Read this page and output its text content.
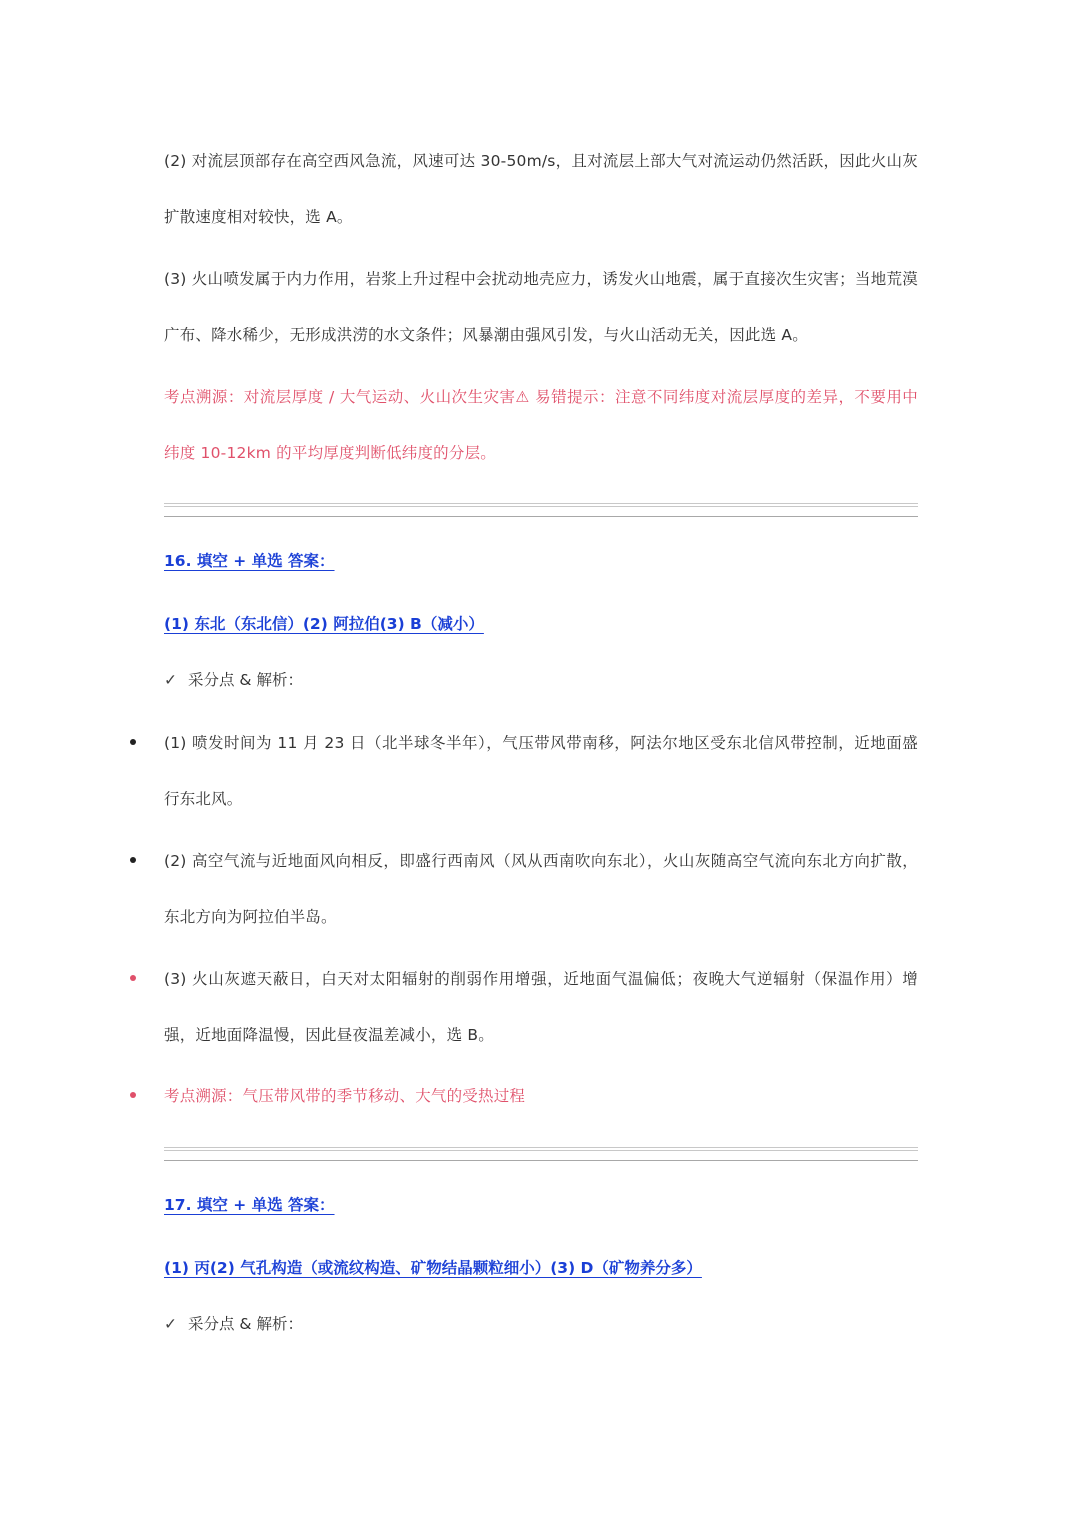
(2) 对流层顶部存在高空西风急流，风速可达 30-50m/s，且对流层上部大气对流运动仍然活跃，因此火山灰扩散速度相对较快，选 A。

(3) 火山喷发属于内力作用，岩浆上升过程中会扰动地壳应力，诱发火山地震，属于直接次生灾害；当地荒漠广布、降水稀少，无形成洪涝的水文条件；风暴潮由强风引发，与火山活动无关，因此选 A。

考点溯源：对流层厚度 / 大气运动、火山次生灾害⚠ 易错提示：注意不同纬度对流层厚度的差异，不要用中纬度 10-12km 的平均厚度判断低纬度的分层。

16. 填空 + 单选 答案：
(1) 东北（东北信）(2) 阿拉伯(3) B（减小）
✓ 采分点 & 解析：

(1) 喷发时间为 11 月 23 日（北半球冬半年），气压带风带南移，阿法尔地区受东北信风带控制，近地面盛行东北风。

(2) 高空气流与近地面风向相反，即盛行西南风（风从西南吹向东北），火山灰随高空气流向东北方向扩散，东北方向为阿拉伯半岛。

(3) 火山灰遮天蔽日，白天对太阳辐射的削弱作用增强，近地面气温偏低；夜晚大气逆辐射（保温作用）增强，近地面降温慢，因此昼夜温差减小，选 B。

考点溯源：气压带风带的季节移动、大气的受热过程

17. 填空 + 单选 答案：
(1) 丙(2) 气孔构造（或流纹构造、矿物结晶颗粒细小）(3) D（矿物养分多）
✓ 采分点 & 解析：
